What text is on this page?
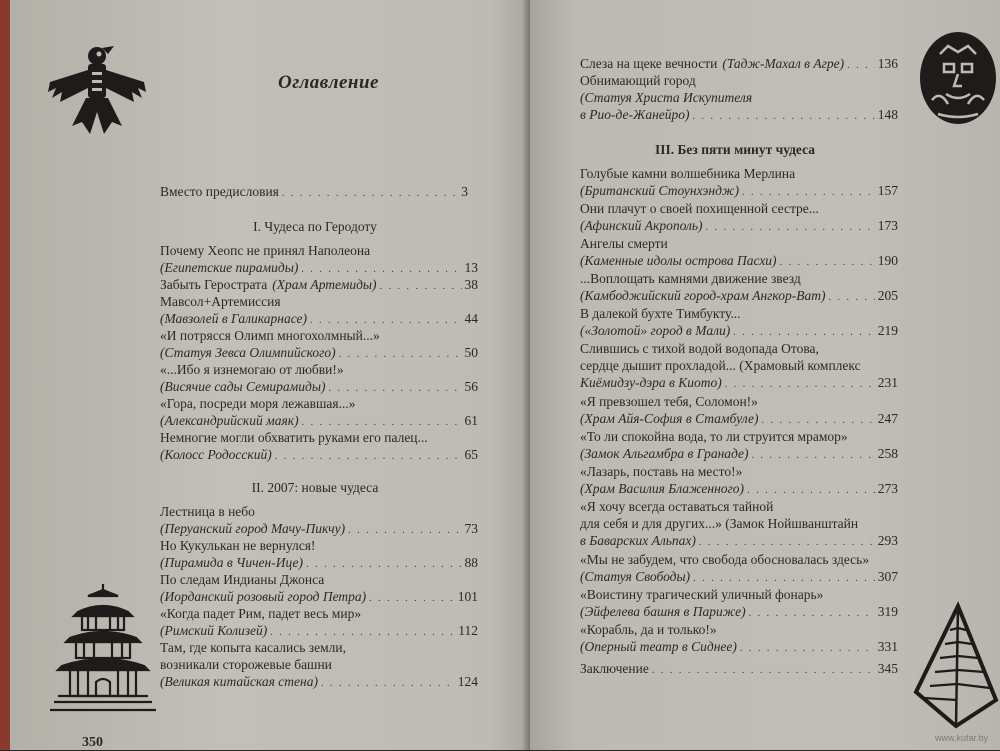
Оглавление
Вместо предисловия . . .	3
I. Чудеса по Геродоту
Почему Хеопс не принял Наполеона
(Египетские пирамиды) . . .	13
Забыть Герострата (Храм Артемиды) . . .	38
Мавсол+Артемиссия
(Мавзолей в Галикарнасе) . . .	44
«И потрясся Олимп многохолмный...»
(Статуя Зевса Олимпийского) . . .	50
«...Ибо я изнемогаю от любви!»
(Висячие сады Семирамиды) . . .	56
«Гора, посреди моря лежавшая...»
(Александрийский маяк) . . .	61
Немногие могли обхватить руками его палец...
(Колосс Родосский) . . .	65
II. 2007: новые чудеса
Лестница в небо
(Перуанский город Мачу-Пикчу) . . .	73
Но Кукулькан не вернулся!
(Пирамида в Чичен-Ице) . . .	88
По следам Индианы Джонса
(Иорданский розовый город Петра) . . .	101
«Когда падет Рим, падет весь мир»
(Римский Колизей) . . .	112
Там, где копыта касались земли,
возникали сторожевые башни
(Великая китайская стена) . . .	124
350
Слеза на щеке вечности (Тадж-Махал в Агре) . . . 136
Обнимающий город
(Статуя Христа Искупителя
в Рио-де-Жанейро) . . .	148
III. Без пяти минут чудеса
Голубые камни волшебника Мерлина
(Британский Стоунхэндж) . . .	157
Они плачут о своей похищенной сестре...
(Афинский Акрополь) . . .	173
Ангелы смерти
(Каменные идолы острова Пасхи) . . .	190
...Воплощать камнями движение звезд
(Камбоджийский город-храм Ангкор-Ват) . . .	205
В далекой бухте Тимбукту...
(«Золотой» город в Мали) . . .	219
Слившись с тихой водой водопада Отова,
сердце дышит прохладой... (Храмовый комплекс
Киёмидзу-дэра в Киото) . . .	231
«Я превзошел тебя, Соломон!»
(Храм Айя-София в Стамбуле) . . .	247
«То ли спокойна вода, то ли струится мрамор»
(Замок Альгамбра в Гранаде) . . .	258
«Лазарь, поставь на место!»
(Храм Василия Блаженного) . . .	273
«Я хочу всегда оставаться тайной
для себя и для других...» (Замок Нойшванштайн
в Баварских Альпах) . . .	293
«Мы не забудем, что свобода обосновалась здесь»
(Статуя Свободы) . . .	307
«Воистину трагический уличный фонарь»
(Эйфелева башня в Париже) . . .	319
«Корабль, да и только!»
(Оперный театр в Сиднее) . . .	331
Заключение . . .	345
www.kufar.by
